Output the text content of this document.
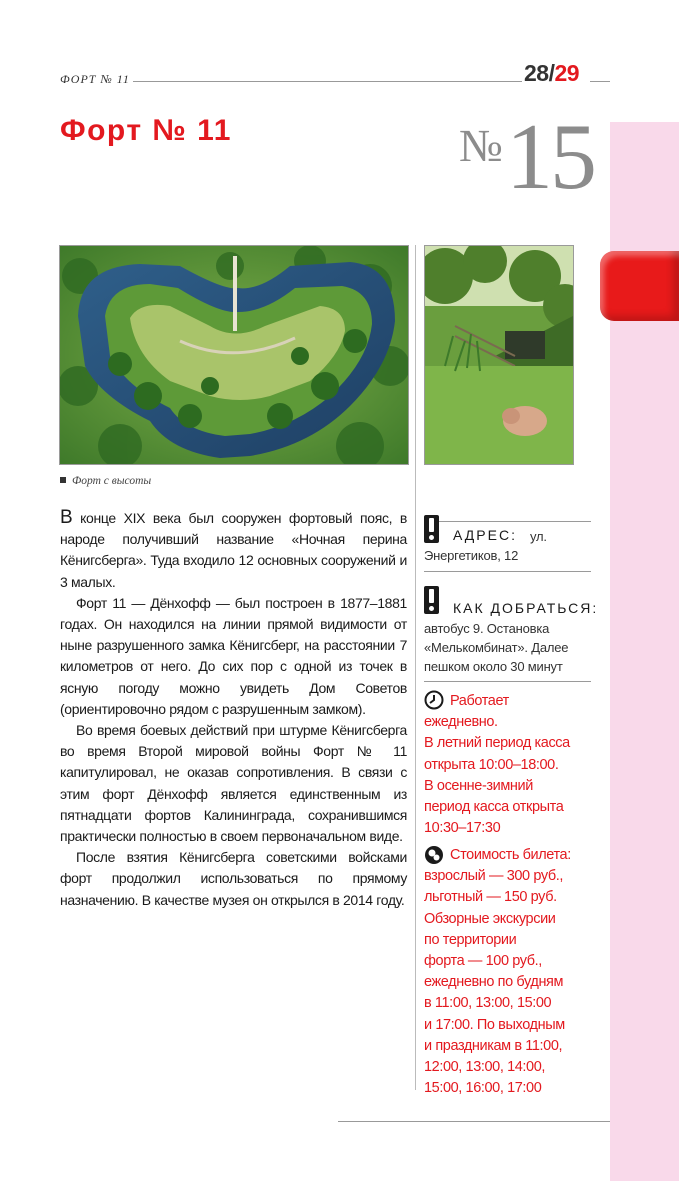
ФОРТ № 11	28/29
Форт № 11	№ 15
Форт с высоты

В конце XIX века был сооружен фортовый пояс, в народе получивший название «Ночная перина Кёнигсберга». Туда входило 12 основных сооружений и 3 малых.

Форт 11 — Дёнхофф — был построен в 1877–1881 годах. Он находился на линии прямой видимости от ныне разрушенного замка Кёнигсберг, на расстоянии 7 километров от него. До сих пор с одной из точек в ясную погоду можно увидеть Дом Советов (ориентировочно рядом с разрушенным замком).

Во время боевых действий при штурме Кёнигсберга во время Второй мировой войны Форт № 11 капитулировал, не оказав сопротивления. В связи с этим форт Дёнхофф является единственным из пятнадцати фортов Калининграда, сохранившимся практически полностью в своем первоначальном виде.

После взятия Кёнигсберга советскими войсками форт продолжил использоваться по прямому назначению. В качестве музея он открылся в 2014 году.

АДРЕС:	ул. Энергетиков, 12
КАК ДОБРАТЬСЯ:
автобус 9. Остановка «Мелькомбинат». Далее пешком около 30 минут
Работает
ежедневно.
В летний период касса
открыта 10:00–18:00.
В осенне-зимний
период касса открыта
10:30–17:30
Стоимость билета:
взрослый — 300 руб.,
льготный — 150 руб.
Обзорные экскурсии
по территории
форта — 100 руб.,
ежедневно по будням
в 11:00, 13:00, 15:00
и 17:00. По выходным
и праздникам в 11:00,
12:00, 13:00, 14:00,
15:00, 16:00, 17:00
